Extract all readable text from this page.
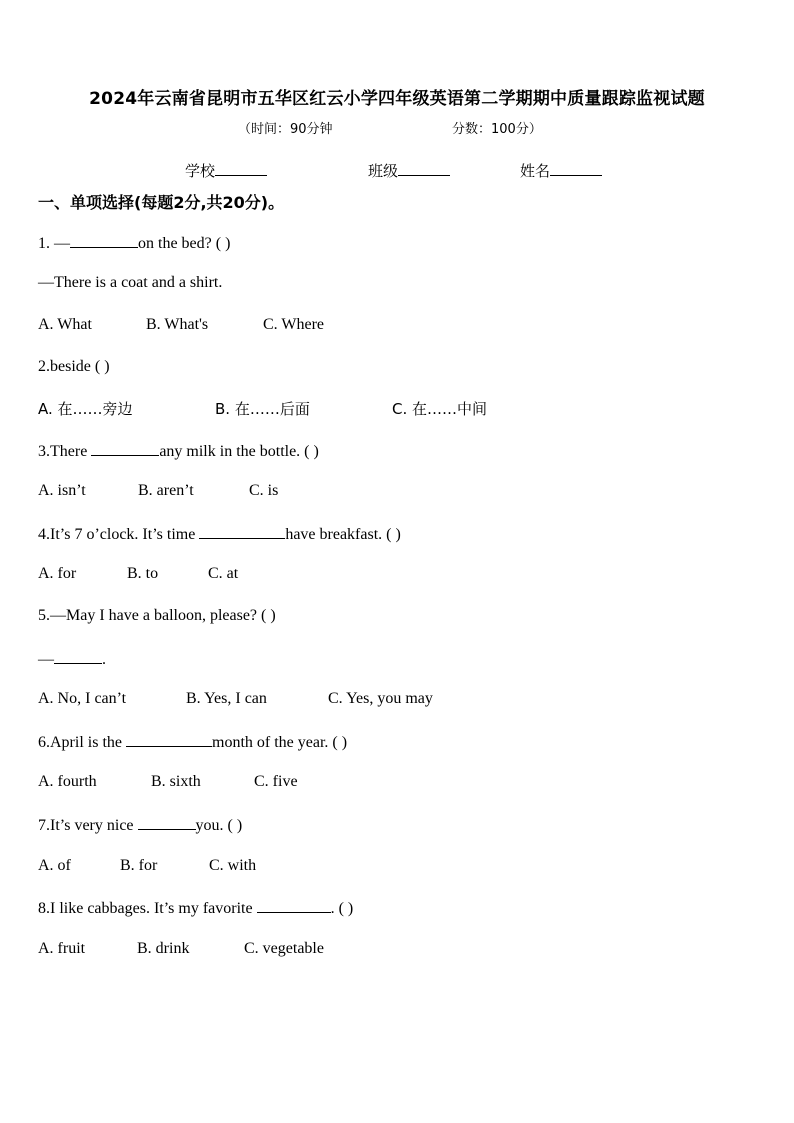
2024年云南省昆明市五华区红云小学四年级英语第二学期期中质量跟踪监视试题
（时间：90分钟	分数：100分）
学校	班级	姓名
一、单项选择(每题2分,共20分)。
1. —	on the bed? ( )
—There is a coat and a shirt.
A. What	B. What's	C. Where
2.beside ( )
A. 在……旁边	B. 在……后面	C. 在……中间
3.There	any milk in the bottle. ( )
A. isn’t	B. aren’t	C. is
4.It’s 7 o’clock. It’s time	have breakfast. ( )
A. for	B. to	C. at
5.—May I have a balloon, please? ( )
—	.
A. No, I can’t	B. Yes, I can	C. Yes, you may
6.April is the	month of the year. ( )
A. fourth	B. sixth	C. five
7.It’s very nice	you. ( )
A. of	B. for	C. with
8.I like cabbages. It’s my favorite	. ( )
A. fruit	B. drink	C. vegetable
